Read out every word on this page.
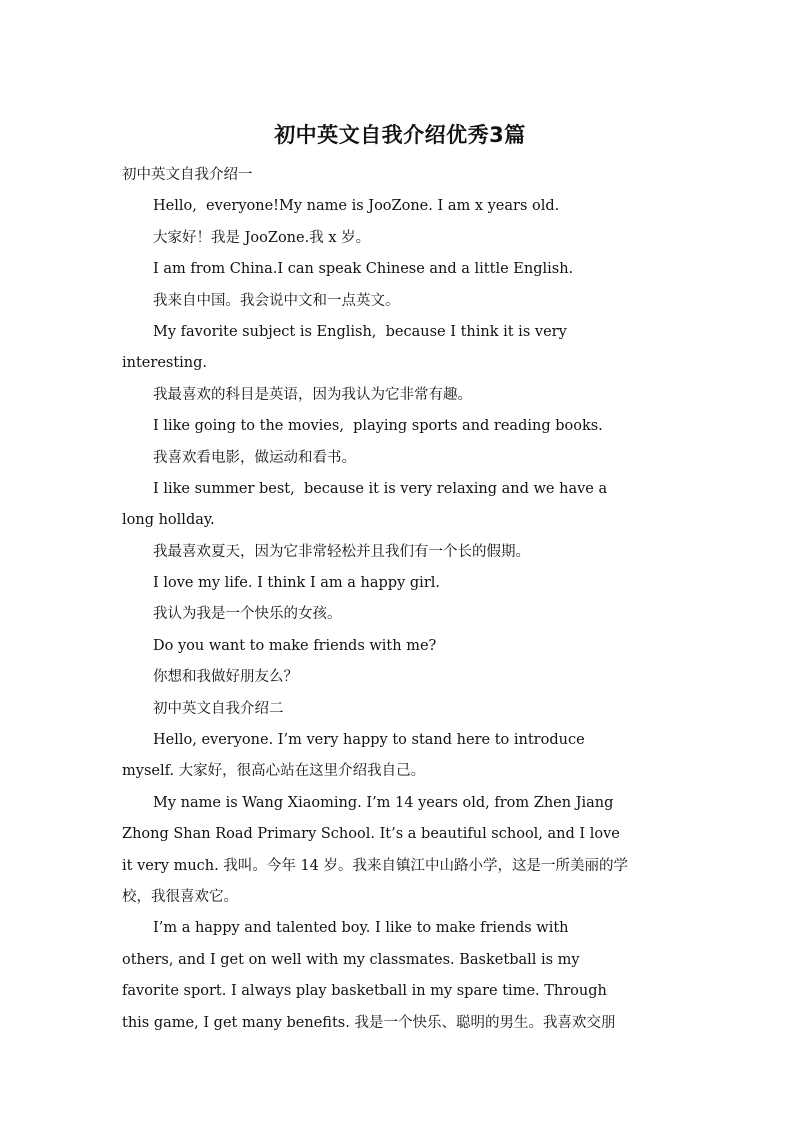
初中英文自我介绍优秀3篇

初中英文自我介绍一

Hello,  everyone!My name is JooZone. I am x years old.

大家好！我是 JooZone.我 x 岁。

I am from China.I can speak Chinese and a little English.

我来自中国。我会说中文和一点英文。

My favorite subject is English,  because I think it is very

interesting.

我最喜欢的科目是英语，因为我认为它非常有趣。

I like going to the movies,  playing sports and reading books.

我喜欢看电影，做运动和看书。

I like summer best,  because it is very relaxing and we have a

long hollday.

我最喜欢夏天，因为它非常轻松并且我们有一个长的假期。

I love my life. I think I am a happy girl.

我认为我是一个快乐的女孩。

Do you want to make friends with me?

你想和我做好朋友么？

初中英文自我介绍二

Hello, everyone. I’m very happy to stand here to introduce

myself. 大家好，很高心站在这里介绍我自己。

My name is Wang Xiaoming. I’m 14 years old, from Zhen Jiang

Zhong Shan Road Primary School. It’s a beautiful school, and I love

it very much. 我叫。今年 14 岁。我来自镇江中山路小学，这是一所美丽的学

校，我很喜欢它。

I’m a happy and talented boy. I like to make friends with

others, and I get on well with my classmates. Basketball is my

favorite sport. I always play basketball in my spare time. Through

this game, I get many benefits. 我是一个快乐、聪明的男生。我喜欢交朋
